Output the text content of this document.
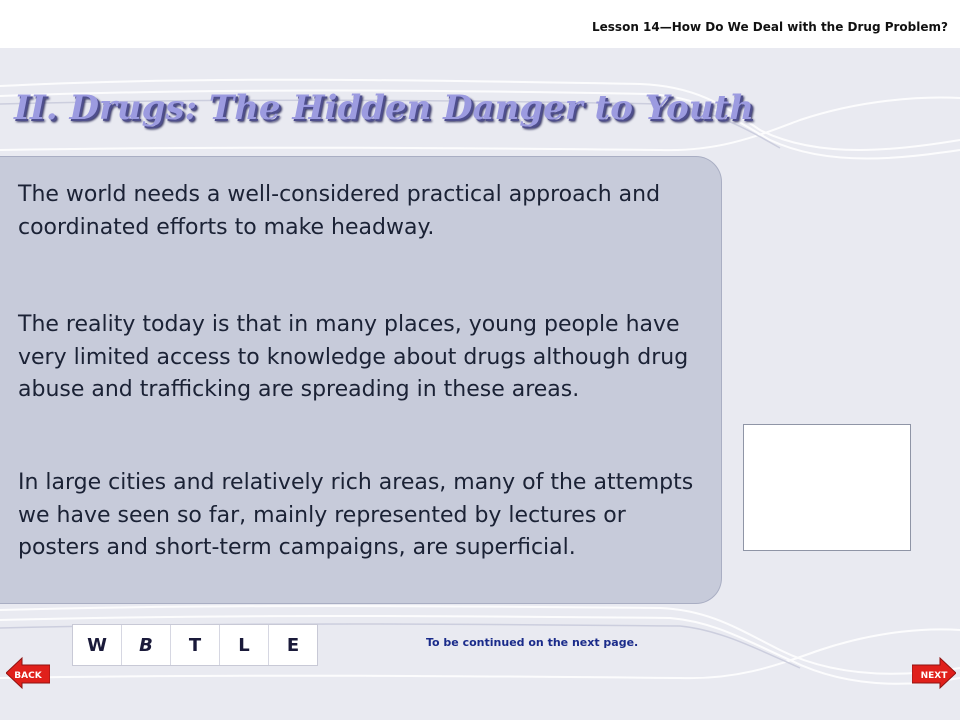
Lesson 14—How Do We Deal with the Drug Problem?
II. Drugs: The Hidden Danger to Youth

The world needs a well-considered practical approach and coordinated efforts to make headway.

The reality today is that in many places, young people have very limited access to knowledge about drugs although drug abuse and trafficking are spreading in these areas.

In large cities and relatively rich areas, many of the attempts we have seen so far, mainly represented by lectures or posters and short-term campaigns, are superficial.

W	B	T	L	E	To be continued on the next page.
BACK	NEXT
